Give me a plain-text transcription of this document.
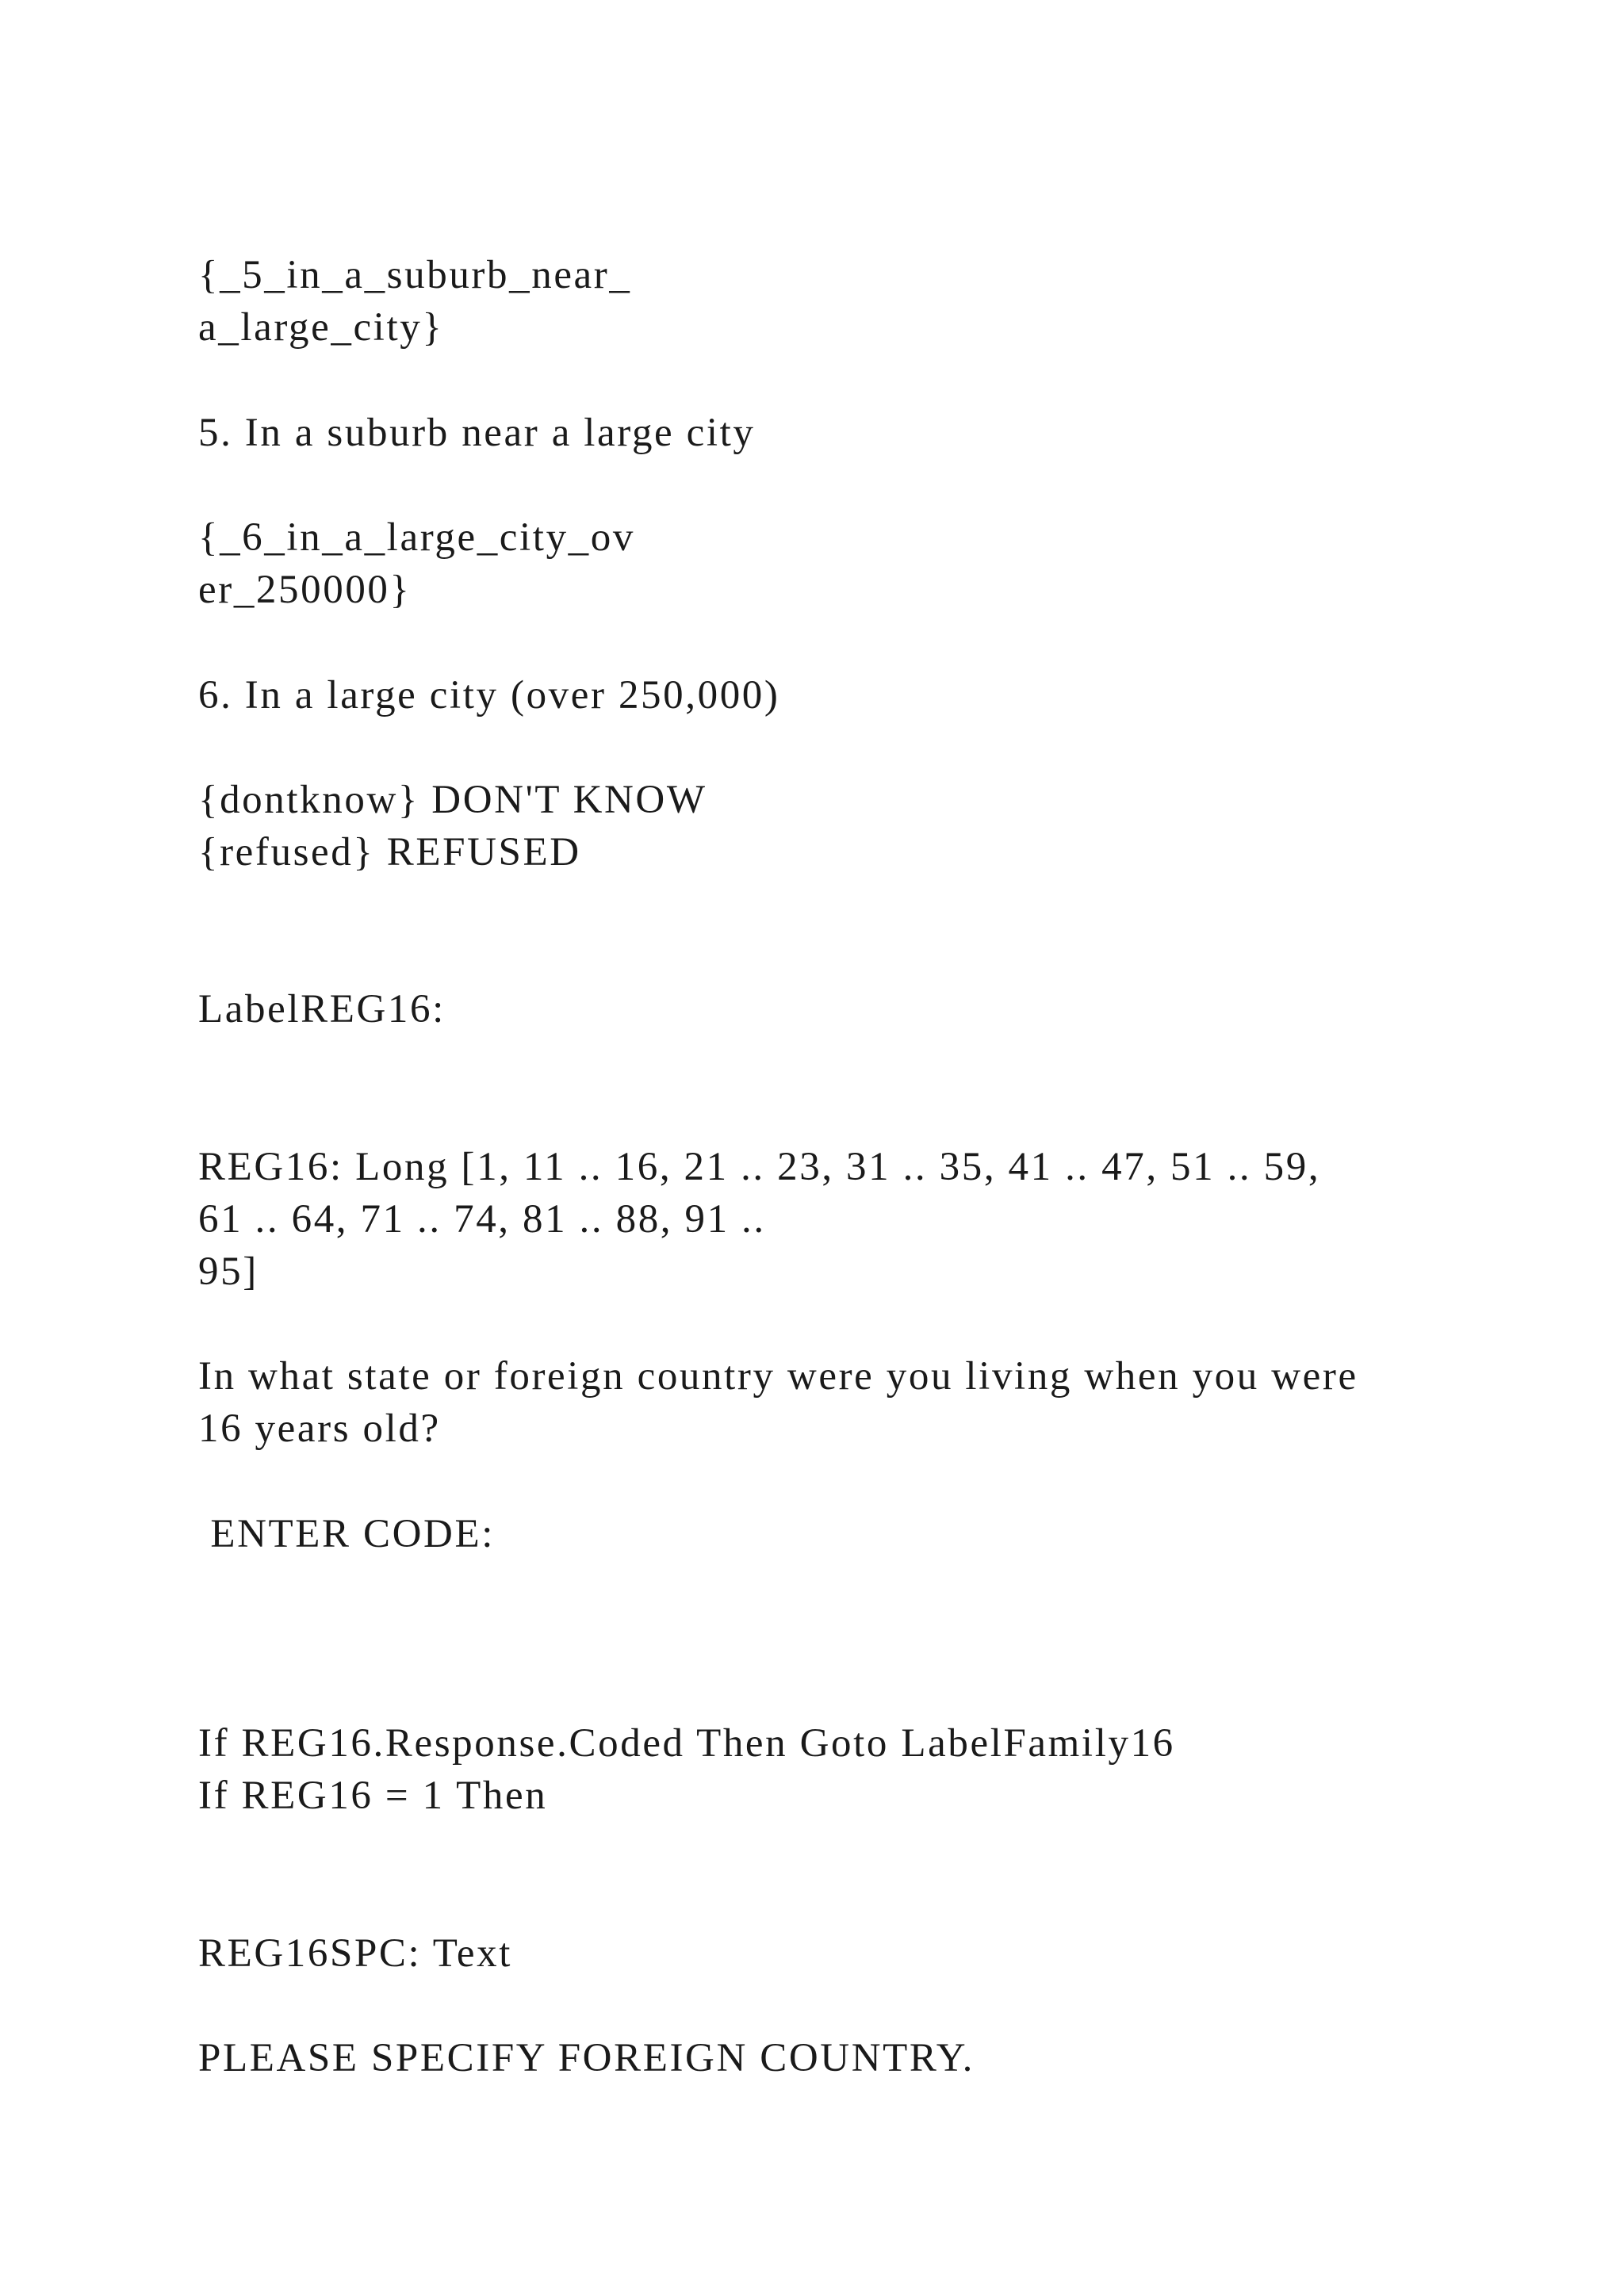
{_5_in_a_suburb_near_
a_large_city}
5. In a suburb near a large city
{_6_in_a_large_city_ov
er_250000}
6. In a large city (over 250,000)
{dontknow} DON'T KNOW
{refused} REFUSED
LabelREG16:
REG16: Long [1, 11 .. 16, 21 .. 23, 31 .. 35, 41 .. 47, 51 .. 59,
61 .. 64, 71 .. 74, 81 .. 88, 91 ..
95]
In what state or foreign country were you living when you were
16 years old?
ENTER CODE:
If REG16.Response.Coded Then Goto LabelFamily16
If REG16 = 1 Then
REG16SPC: Text
PLEASE SPECIFY FOREIGN COUNTRY.
